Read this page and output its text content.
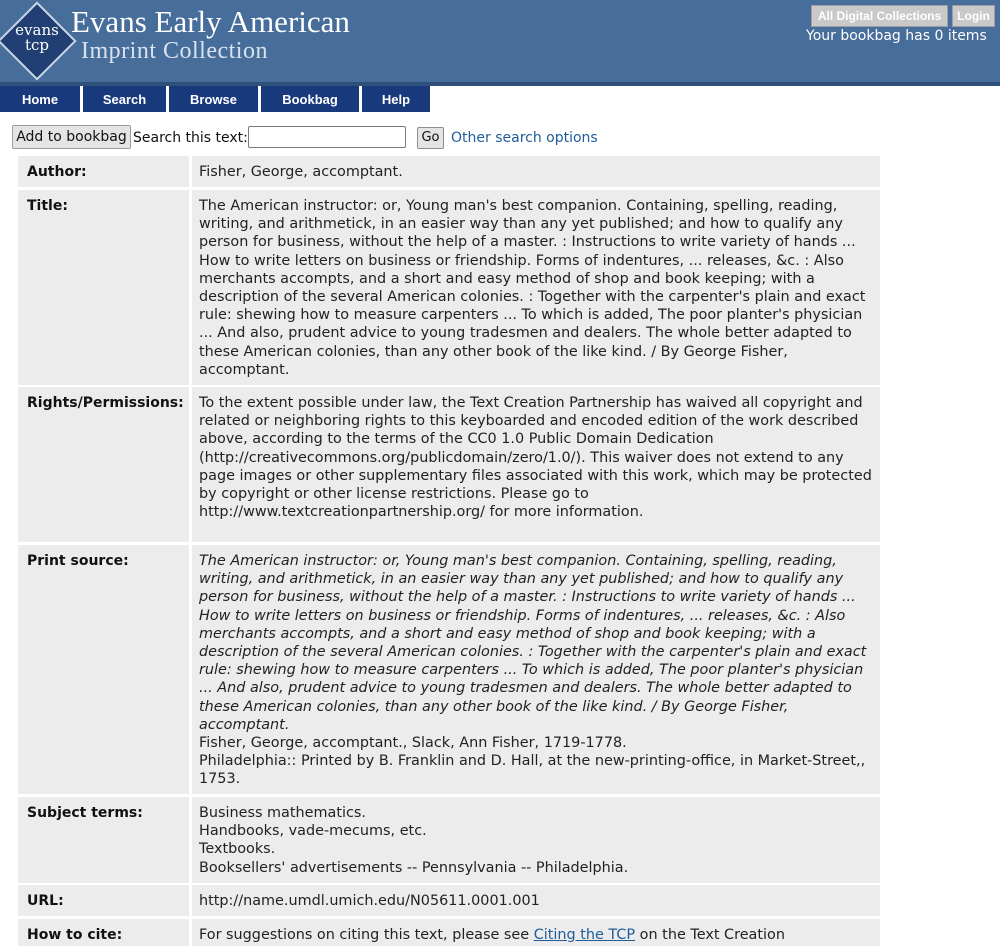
evans
tcp
Evans Early American
Imprint Collection
All Digital Collections	Login
Your bookbag has 0 items
Home	Search	Browse	Bookbag	Help
Add to bookbag Search this text:	Go Other search options
Author:	Fisher, George, accomptant.
Title:	The American instructor: or, Young man's best companion. Containing, spelling, reading, writing, and arithmetick, in an easier way than any yet published; and how to qualify any person for business, without the help of a master. : Instructions to write variety of hands ... How to write letters on business or friendship. Forms of indentures, ... releases, &c. : Also merchants accompts, and a short and easy method of shop and book keeping; with a description of the several American colonies. : Together with the carpenter's plain and exact rule: shewing how to measure carpenters ... To which is added, The poor planter's physician ... And also, prudent advice to young tradesmen and dealers. The whole better adapted to these American colonies, than any other book of the like kind. / By George Fisher, accomptant.
Rights/Permissions:	To the extent possible under law, the Text Creation Partnership has waived all copyright and related or neighboring rights to this keyboarded and encoded edition of the work described above, according to the terms of the CC0 1.0 Public Domain Dedication (http://creativecommons.org/publicdomain/zero/1.0/). This waiver does not extend to any page images or other supplementary files associated with this work, which may be protected by copyright or other license restrictions. Please go to http://www.textcreationpartnership.org/ for more information.
Print source:	The American instructor: or, Young man's best companion. Containing, spelling, reading, writing, and arithmetick, in an easier way than any yet published; and how to qualify any person for business, without the help of a master. : Instructions to write variety of hands ... How to write letters on business or friendship. Forms of indentures, ... releases, &c. : Also merchants accompts, and a short and easy method of shop and book keeping; with a description of the several American colonies. : Together with the carpenter's plain and exact rule: shewing how to measure carpenters ... To which is added, The poor planter's physician ... And also, prudent advice to young tradesmen and dealers. The whole better adapted to these American colonies, than any other book of the like kind. / By George Fisher, accomptant.
Fisher, George, accomptant., Slack, Ann Fisher, 1719-1778.
Philadelphia:: Printed by B. Franklin and D. Hall, at the new-printing-office, in Market-Street,, 1753.
Subject terms:	Business mathematics.
Handbooks, vade-mecums, etc.
Textbooks.
Booksellers' advertisements -- Pennsylvania -- Philadelphia.
URL:	http://name.umdl.umich.edu/N05611.0001.001
How to cite:	For suggestions on citing this text, please see Citing the TCP on the Text Creation
